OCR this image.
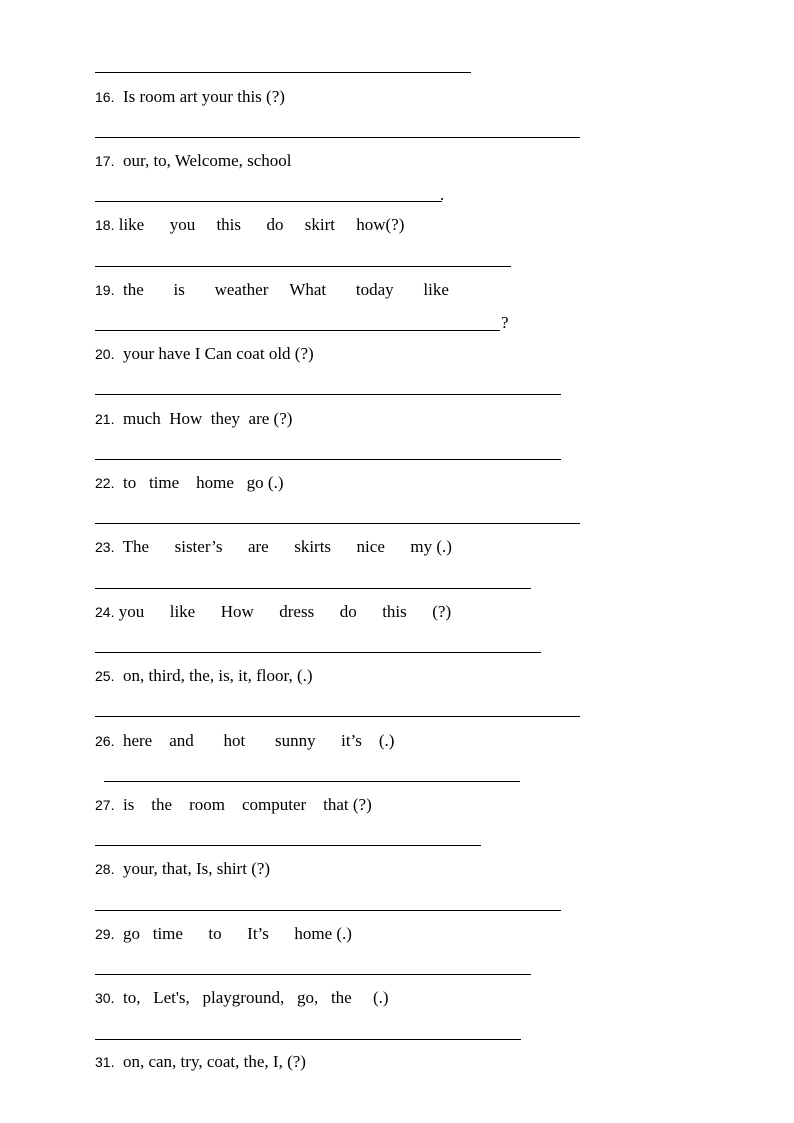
.
?
16. Is room art your this (?)
17. our, to, Welcome, school
18. like      you     this      do     skirt     how(?)
19. the       is       weather     What       today       like
20. your have I Can coat old (?)
21. much  How  they  are (?)
22. to   time    home   go (.)
23. The      sister’s      are      skirts      nice      my (.)
24. you      like      How      dress      do      this      (?)
25. on, third, the, is, it, floor, (.)
26. here    and       hot       sunny      it’s    (.)
27. is    the    room    computer    that (?)
28. your, that, Is, shirt (?)
29. go   time      to      It’s      home (.)
30. to,   Let's,   playground,   go,   the     (.)
31. on, can, try, coat, the, I, (?)
